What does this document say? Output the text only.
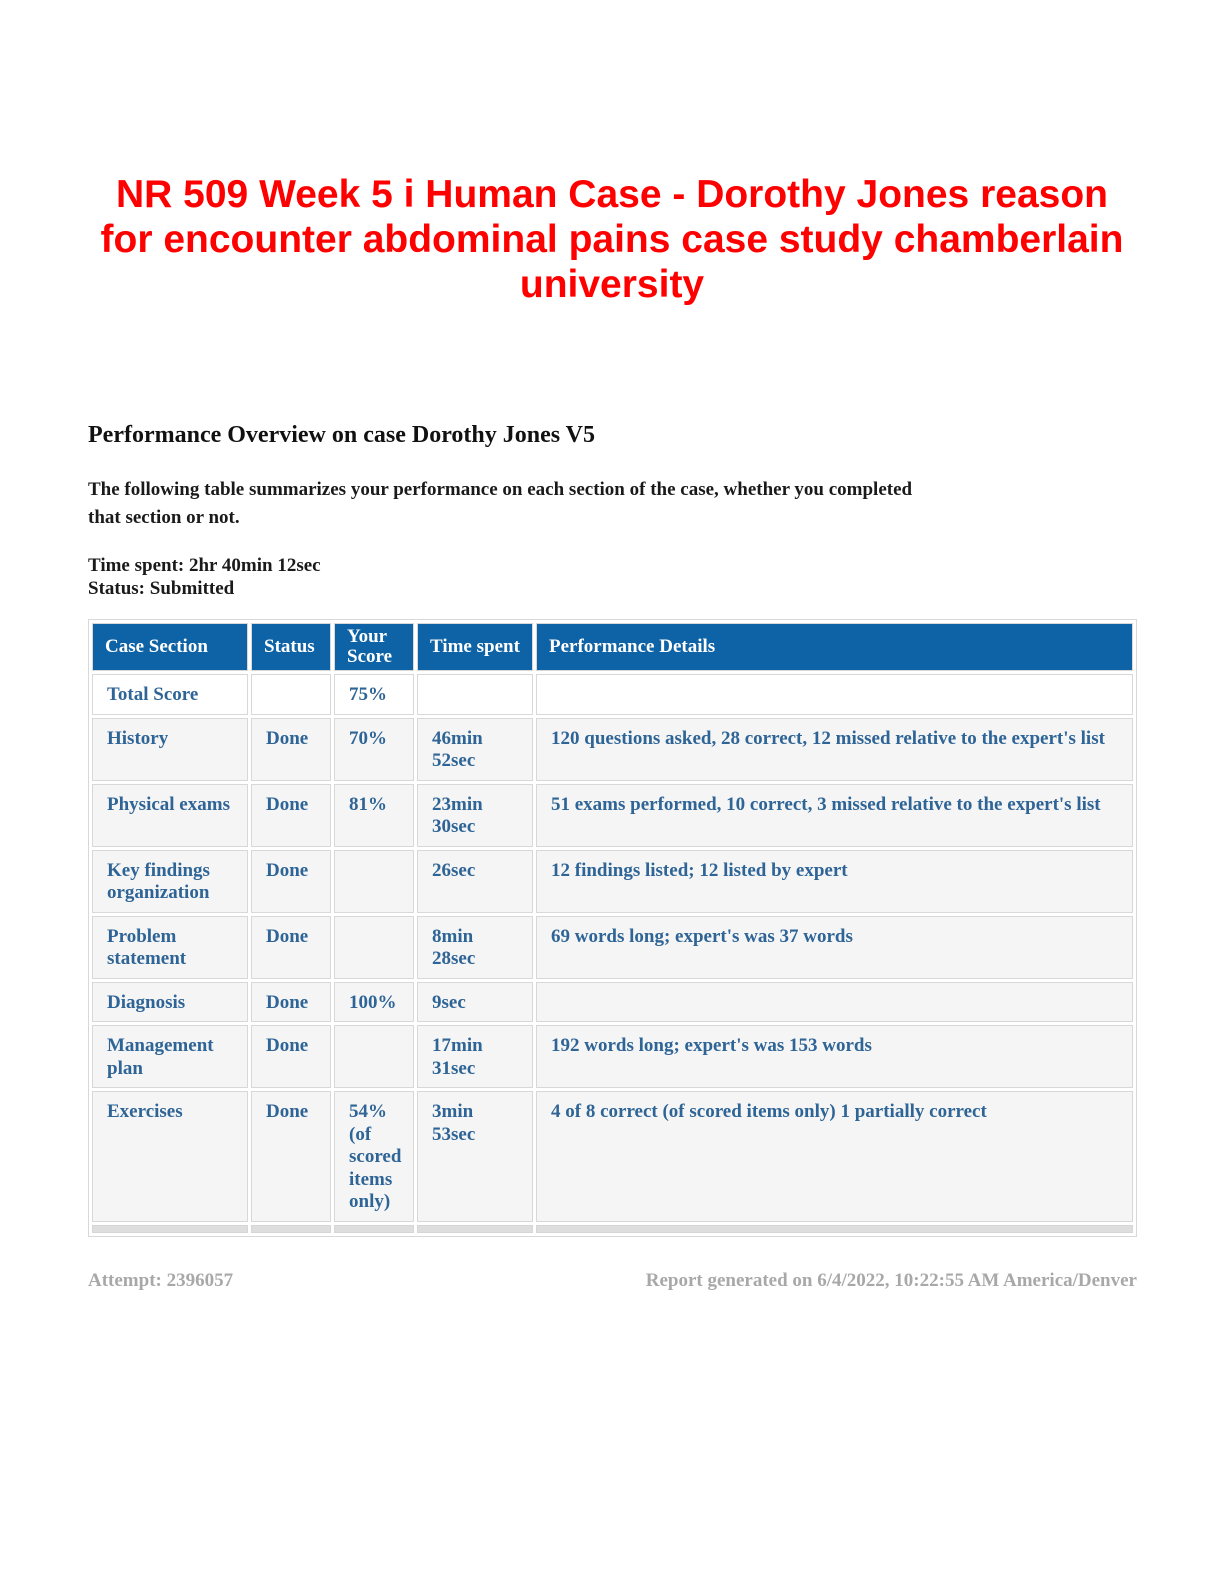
NR 509 Week 5 i Human Case - Dorothy Jones reason for encounter abdominal pains case study chamberlain university
Performance Overview on case Dorothy Jones V5

The following table summarizes your performance on each section of the case, whether you completed that section or not.

Time spent: 2hr 40min 12sec
Status: Submitted
Case Section	Status	Your Score	Time spent	Performance Details
Total Score		75%		
History	Done	70%	46min 52sec	120 questions asked, 28 correct, 12 missed relative to the expert's list
Physical exams	Done	81%	23min 30sec	51 exams performed, 10 correct, 3 missed relative to the expert's list
Key findings organization	Done		26sec	12 findings listed; 12 listed by expert
Problem statement	Done		8min 28sec	69 words long; expert's was 37 words
Diagnosis	Done	100%	9sec	
Management plan	Done		17min 31sec	192 words long; expert's was 153 words
Exercises	Done	54% (of scored items only)	3min 53sec	4 of 8 correct (of scored items only) 1 partially correct

Attempt: 2396057	Report generated on 6/4/2022, 10:22:55 AM America/Denver
